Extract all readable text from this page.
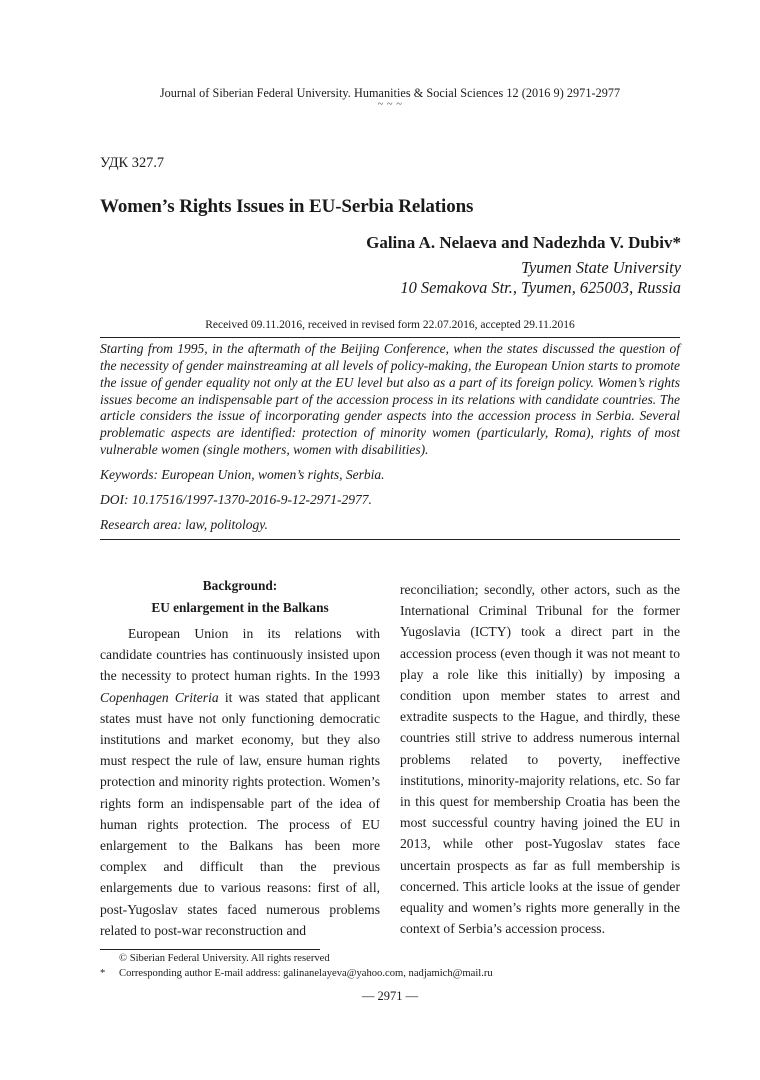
Journal of Siberian Federal University. Humanities & Social Sciences 12 (2016 9) 2971-2977
~ ~ ~
УДК 327.7
Women’s Rights Issues in EU-Serbia Relations
Galina A. Nelaeva and Nadezhda V. Dubiv*
Tyumen State University
10 Semakova Str., Tyumen, 625003, Russia
Received 09.11.2016, received in revised form 22.07.2016, accepted 29.11.2016

Starting from 1995, in the aftermath of the Beijing Conference, when the states discussed the question of the necessity of gender mainstreaming at all levels of policy-making, the European Union starts to promote the issue of gender equality not only at the EU level but also as a part of its foreign policy. Women’s rights issues become an indispensable part of the accession process in its relations with candidate countries. The article considers the issue of incorporating gender aspects into the accession process in Serbia. Several problematic aspects are identified: protection of minority women (particularly, Roma), rights of most vulnerable women (single mothers, women with disabilities).

Keywords: European Union, women’s rights, Serbia.

DOI: 10.17516/1997-1370-2016-9-12-2971-2977.

Research area: law, politology.

Background:
EU enlargement in the Balkans

European Union in its relations with candidate countries has continuously insisted upon the necessity to protect human rights. In the 1993 Copenhagen Criteria it was stated that applicant states must have not only functioning democratic institutions and market economy, but they also must respect the rule of law, ensure human rights protection and minority rights protection. Women’s rights form an indispensable part of the idea of human rights protection. The process of EU enlargement to the Balkans has been more complex and difficult than the previous enlargements due to various reasons: first of all, post-Yugoslav states faced numerous problems related to post-war reconstruction and

reconciliation; secondly, other actors, such as the International Criminal Tribunal for the former Yugoslavia (ICTY) took a direct part in the accession process (even though it was not meant to play a role like this initially) by imposing a condition upon member states to arrest and extradite suspects to the Hague, and thirdly, these countries still strive to address numerous internal problems related to poverty, ineffective institutions, minority-majority relations, etc. So far in this quest for membership Croatia has been the most successful country having joined the EU in 2013, while other post-Yugoslav states face uncertain prospects as far as full membership is concerned. This article looks at the issue of gender equality and women’s rights more generally in the context of Serbia’s accession process.

© Siberian Federal University. All rights reserved
* Corresponding author E-mail address: galinanelayeva@yahoo.com, nadjamich@mail.ru
— 2971 —
